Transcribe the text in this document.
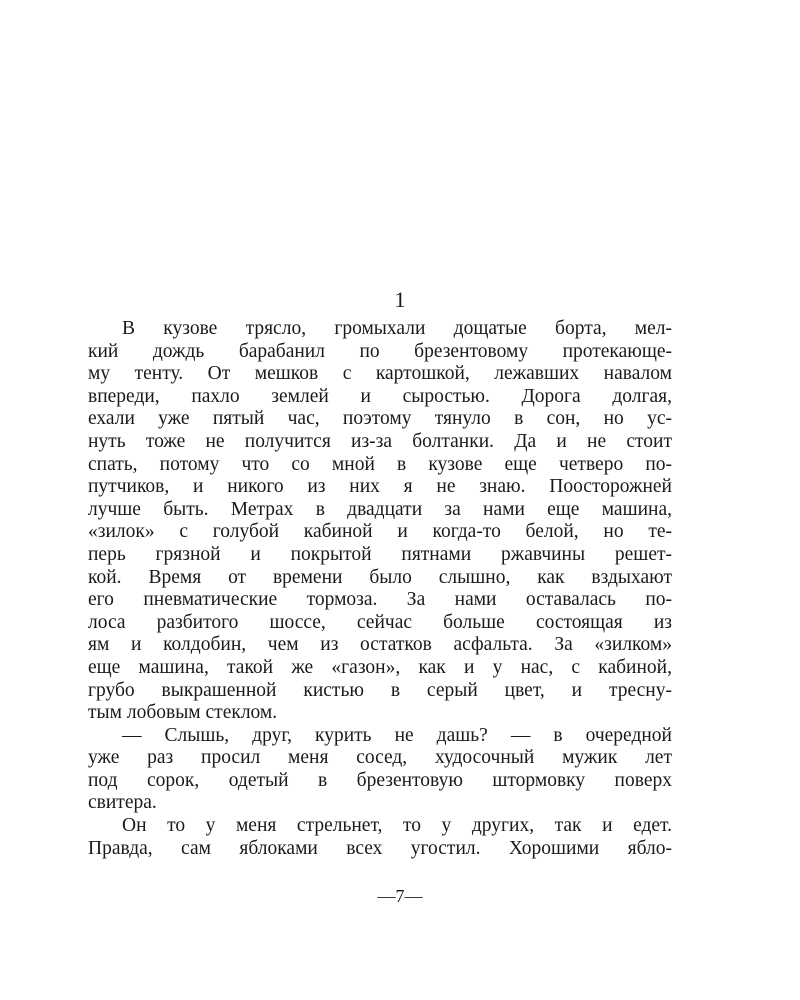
1
В кузове трясло, громыхали дощатые борта, мел-
кий дождь барабанил по брезентовому протекающе-
му тенту. От мешков с картошкой, лежавших навалом
впереди, пахло землей и сыростью. Дорога долгая,
ехали уже пятый час, поэтому тянуло в сон, но ус-
нуть тоже не получится из-за болтанки. Да и не стоит
спать, потому что со мной в кузове еще четверо по-
путчиков, и никого из них я не знаю. Поосторожней
лучше быть. Метрах в двадцати за нами еще машина,
«зилок» с голубой кабиной и когда-то белой, но те-
перь грязной и покрытой пятнами ржавчины решет-
кой. Время от времени было слышно, как вздыхают
его пневматические тормоза. За нами оставалась по-
лоса разбитого шоссе, сейчас больше состоящая из
ям и колдобин, чем из остатков асфальта. За «зилком»
еще машина, такой же «газон», как и у нас, с кабиной,
грубо выкрашенной кистью в серый цвет, и тресну-
тым лобовым стеклом.
— Слышь, друг, курить не дашь? — в очередной
уже раз просил меня сосед, худосочный мужик лет
под сорок, одетый в брезентовую штормовку поверх
свитера.
Он то у меня стрельнет, то у других, так и едет.
Правда, сам яблоками всех угостил. Хорошими ябло-
—7—
